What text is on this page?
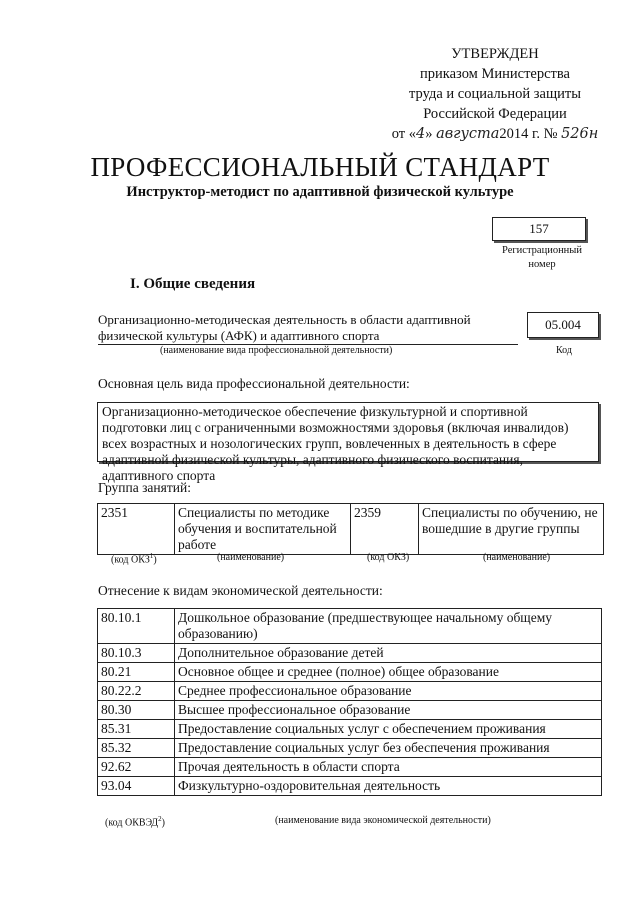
УТВЕРЖДЕН
приказом Министерства
труда и социальной защиты
Российской Федерации
от «4» августа2014 г. № 526н
ПРОФЕССИОНАЛЬНЫЙ СТАНДАРТ
Инструктор-методист по адаптивной физической культуре
157
Регистрационный
номер
I. Общие сведения
Организационно-методическая деятельность в области адаптивной
физической культуры (АФК) и адаптивного спорта
(наименование вида профессиональной деятельности)
05.004
Код
Основная цель вида профессиональной деятельности:
Организационно-методическое обеспечение физкультурной и спортивной подготовки лиц с ограниченными возможностями здоровья (включая инвалидов) всех возрастных и нозологических групп, вовлеченных в деятельность в сфере адаптивной физической культуры, адаптивного физического воспитания, адаптивного спорта
Группа занятий:
2351	Специалисты по методике обучения и воспитательной работе	2359	Специалисты по обучению, не вошедшие в другие группы
(код ОКЗ$^1$)	(наименование)	(код ОКЗ)	(наименование)
Отнесение к видам экономической деятельности:
80.10.1	Дошкольное образование (предшествующее начальному общему образованию)
80.10.3	Дополнительное образование детей
80.21	Основное общее и среднее (полное) общее образование
80.22.2	Среднее профессиональное образование
80.30	Высшее профессиональное образование
85.31	Предоставление социальных услуг с обеспечением проживания
85.32	Предоставление социальных услуг без обеспечения проживания
92.62	Прочая деятельность в области спорта
93.04	Физкультурно-оздоровительная деятельность
(код ОКВЭД$^2$)	(наименование вида экономической деятельности)
